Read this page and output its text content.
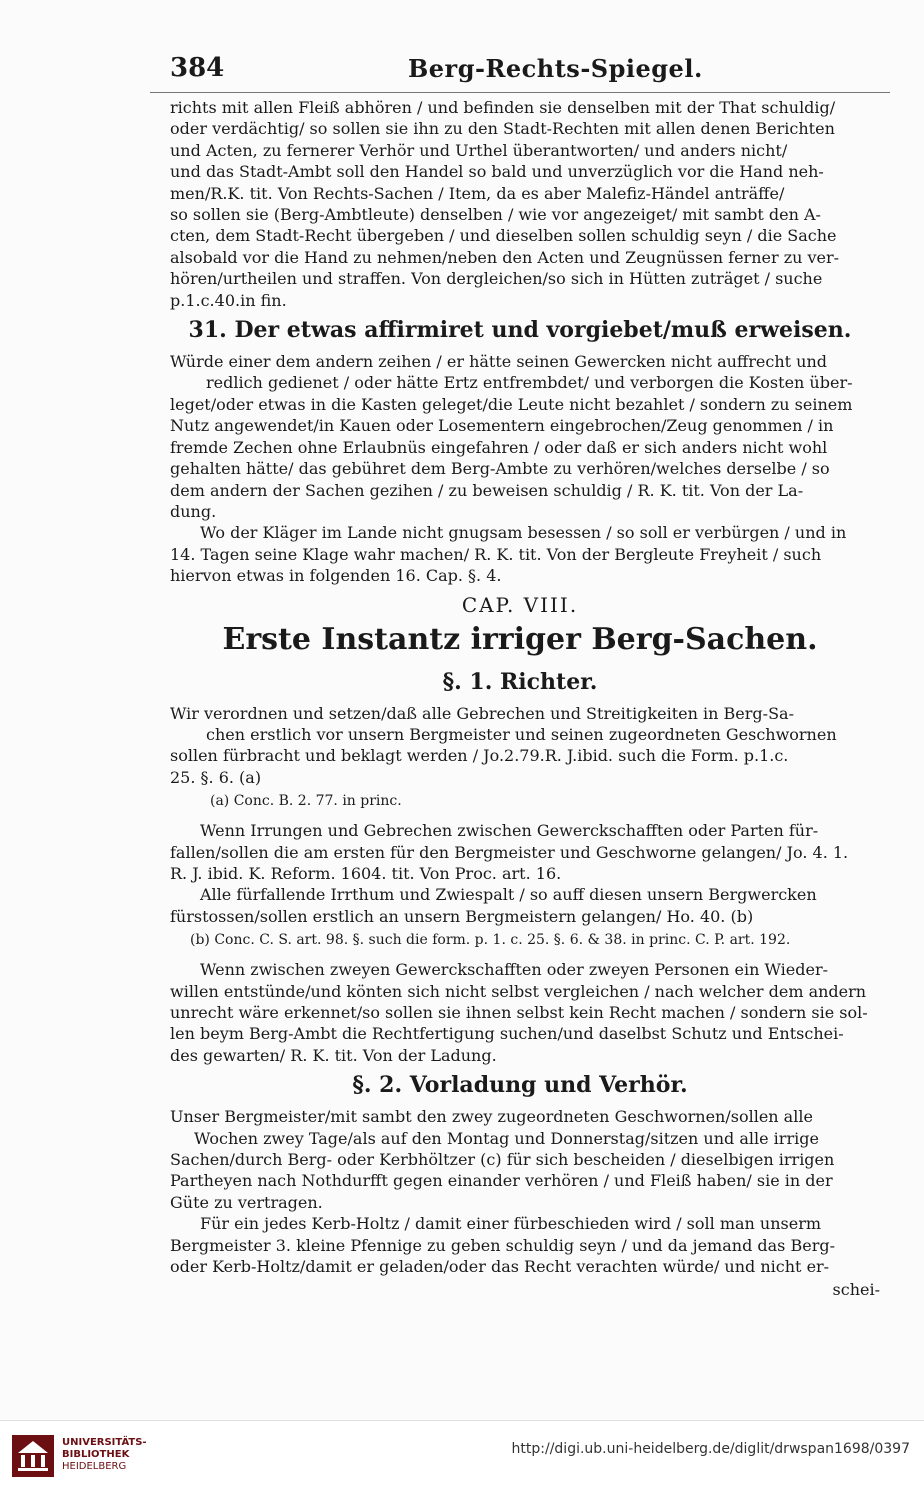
384	Berg-Rechts-Spiegel.

richts mit allen Fleiß abhören / und befinden sie denselben mit der That schuldig/
oder verdächtig/ so sollen sie ihn zu den Stadt-Rechten mit allen denen Berichten
und Acten, zu fernerer Verhör und Urthel überantworten/ und anders nicht/
und das Stadt-Ambt soll den Handel so bald und unverzüglich vor die Hand neh-
men/R.K. tit. Von Rechts-Sachen / Item, da es aber Malefiz-Händel anträffe/
so sollen sie (Berg-Ambtleute) denselben / wie vor angezeiget/ mit sambt den A-
cten, dem Stadt-Recht übergeben / und dieselben sollen schuldig seyn / die Sache
alsobald vor die Hand zu nehmen/neben den Acten und Zeugnüssen ferner zu ver-
hören/urtheilen und straffen. Von dergleichen/so sich in Hütten zuträget / suche
p.1.c.40.in fin.

31. Der etwas affirmiret und vorgiebet/muß erweisen.

Würde einer dem andern zeihen / er hätte seinen Gewercken nicht auffrecht und
redlich gedienet / oder hätte Ertz entfrembdet/ und verborgen die Kosten über-
leget/oder etwas in die Kasten geleget/die Leute nicht bezahlet / sondern zu seinem
Nutz angewendet/in Kauen oder Losementern eingebrochen/Zeug genommen / in
fremde Zechen ohne Erlaubnüs eingefahren / oder daß er sich anders nicht wohl
gehalten hätte/ das gebühret dem Berg-Ambte zu verhören/welches derselbe / so
dem andern der Sachen gezihen / zu beweisen schuldig / R. K. tit. Von der La-
dung.

Wo der Kläger im Lande nicht gnugsam besessen / so soll er verbürgen / und in
14. Tagen seine Klage wahr machen/ R. K. tit. Von der Bergleute Freyheit / such
hiervon etwas in folgenden 16. Cap. §. 4.

CAP. VIII.
Erste Instantz irriger Berg-Sachen.
§. 1. Richter.

Wir verordnen und setzen/daß alle Gebrechen und Streitigkeiten in Berg-Sa-
chen erstlich vor unsern Bergmeister und seinen zugeordneten Geschwornen
sollen fürbracht und beklagt werden / Jo.2.79.R. J.ibid. such die Form. p.1.c.
25. §. 6. (a)

(a) Conc. B. 2. 77. in princ.

Wenn Irrungen und Gebrechen zwischen Gewerckschafften oder Parten für-
fallen/sollen die am ersten für den Bergmeister und Geschworne gelangen/ Jo. 4. 1.
R. J. ibid. K. Reform. 1604. tit. Von Proc. art. 16.

Alle fürfallende Irrthum und Zwiespalt / so auff diesen unsern Bergwercken
fürstossen/sollen erstlich an unsern Bergmeistern gelangen/ Ho. 40. (b)

(b) Conc. C. S. art. 98. §. such die form. p. 1. c. 25. §. 6. & 38. in princ. C. P. art. 192.

Wenn zwischen zweyen Gewerckschafften oder zweyen Personen ein Wieder-
willen entstünde/und könten sich nicht selbst vergleichen / nach welcher dem andern
unrecht wäre erkennet/so sollen sie ihnen selbst kein Recht machen / sondern sie sol-
len beym Berg-Ambt die Rechtfertigung suchen/und daselbst Schutz und Entschei-
des gewarten/ R. K. tit. Von der Ladung.

§. 2. Vorladung und Verhör.

Unser Bergmeister/mit sambt den zwey zugeordneten Geschwornen/sollen alle
Wochen zwey Tage/als auf den Montag und Donnerstag/sitzen und alle irrige
Sachen/durch Berg- oder Kerbhöltzer (c) für sich bescheiden / dieselbigen irrigen
Partheyen nach Nothdurfft gegen einander verhören / und Fleiß haben/ sie in der
Güte zu vertragen.

Für ein jedes Kerb-Holtz / damit einer fürbeschieden wird / soll man unserm
Bergmeister 3. kleine Pfennige zu geben schuldig seyn / und da jemand das Berg-
oder Kerb-Holtz/damit er geladen/oder das Recht verachten würde/ und nicht er-

schei-
UNIVERSITÄTS-
BIBLIOTHEK
HEIDELBERG
http://digi.ub.uni-heidelberg.de/diglit/drwspan1698/0397
